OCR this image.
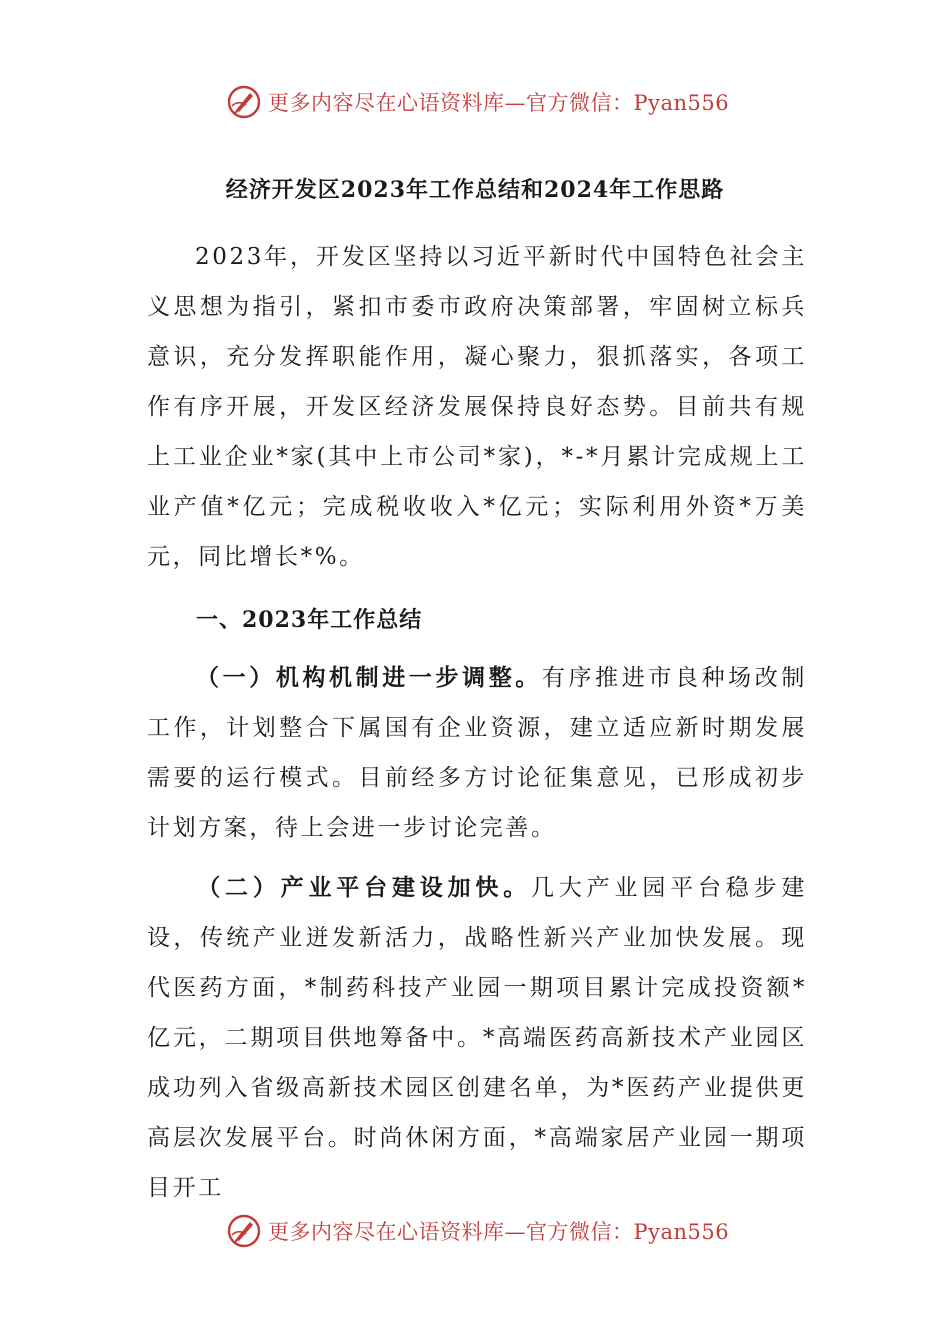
更多内容尽在心语资料库—官方微信：Pyan556
经济开发区2023年工作总结和2024年工作思路
2023年，开发区坚持以习近平新时代中国特色社会主义思想为指引，紧扣市委市政府决策部署，牢固树立标兵意识，充分发挥职能作用，凝心聚力，狠抓落实，各项工作有序开展，开发区经济发展保持良好态势。目前共有规上工业企业*家(其中上市公司*家)，*-*月累计完成规上工业产值*亿元；完成税收收入*亿元；实际利用外资*万美元，同比增长*%。
一、2023年工作总结
（一）机构机制进一步调整。有序推进市良种场改制工作，计划整合下属国有企业资源，建立适应新时期发展需要的运行模式。目前经多方讨论征集意见，已形成初步计划方案，待上会进一步讨论完善。
（二）产业平台建设加快。几大产业园平台稳步建设，传统产业迸发新活力，战略性新兴产业加快发展。现代医药方面，*制药科技产业园一期项目累计完成投资额*亿元，二期项目供地筹备中。*高端医药高新技术产业园区成功列入省级高新技术园区创建名单，为*医药产业提供更高层次发展平台。时尚休闲方面，*高端家居产业园一期项目开工
更多内容尽在心语资料库—官方微信：Pyan556
